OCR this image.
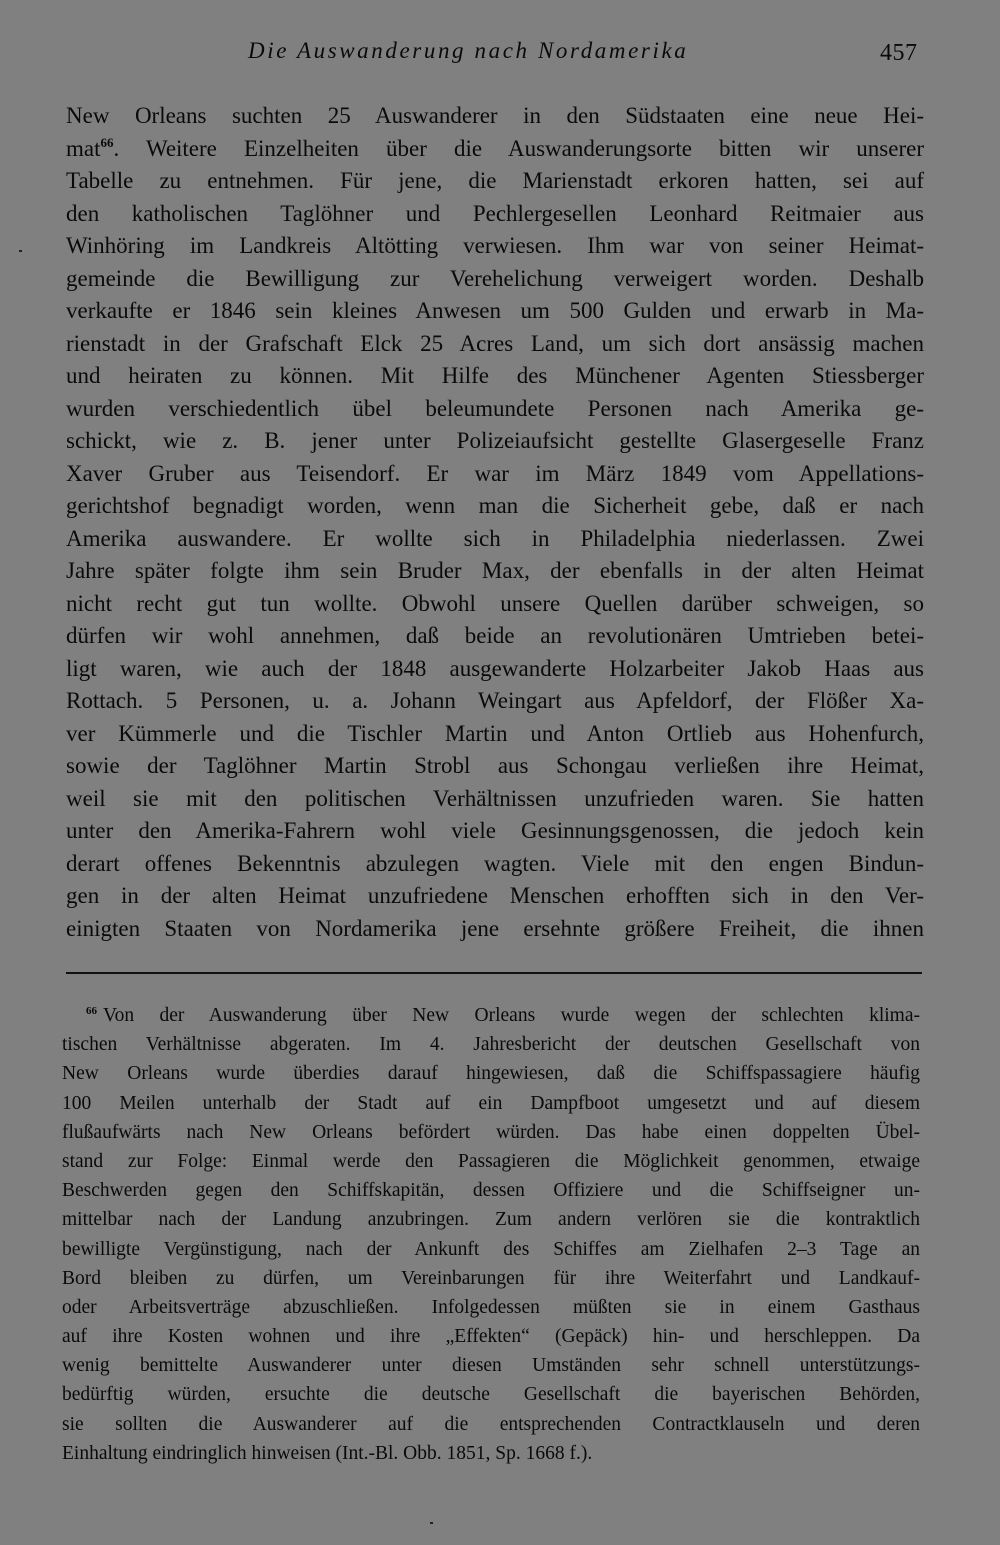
Die Auswanderung nach Nordamerika	457
New Orleans suchten 25 Auswanderer in den Südstaaten eine neue Hei-
mat$^{66}$. Weitere Einzelheiten über die Auswanderungsorte bitten wir unserer
Tabelle zu entnehmen. Für jene, die Marienstadt erkoren hatten, sei auf
den katholischen Taglöhner und Pechlergesellen Leonhard Reitmaier aus
Winhöring im Landkreis Altötting verwiesen. Ihm war von seiner Heimat-
gemeinde die Bewilligung zur Verehelichung verweigert worden. Deshalb
verkaufte er 1846 sein kleines Anwesen um 500 Gulden und erwarb in Ma-
rienstadt in der Grafschaft Elck 25 Acres Land, um sich dort ansässig machen
und heiraten zu können. Mit Hilfe des Münchener Agenten Stiessberger
wurden verschiedentlich übel beleumundete Personen nach Amerika ge-
schickt, wie z. B. jener unter Polizeiaufsicht gestellte Glasergeselle Franz
Xaver Gruber aus Teisendorf. Er war im März 1849 vom Appellations-
gerichtshof begnadigt worden, wenn man die Sicherheit gebe, daß er nach
Amerika auswandere. Er wollte sich in Philadelphia niederlassen. Zwei
Jahre später folgte ihm sein Bruder Max, der ebenfalls in der alten Heimat
nicht recht gut tun wollte. Obwohl unsere Quellen darüber schweigen, so
dürfen wir wohl annehmen, daß beide an revolutionären Umtrieben betei-
ligt waren, wie auch der 1848 ausgewanderte Holzarbeiter Jakob Haas aus
Rottach. 5 Personen, u. a. Johann Weingart aus Apfeldorf, der Flößer Xa-
ver Kümmerle und die Tischler Martin und Anton Ortlieb aus Hohenfurch,
sowie der Taglöhner Martin Strobl aus Schongau verließen ihre Heimat,
weil sie mit den politischen Verhältnissen unzufrieden waren. Sie hatten
unter den Amerika-Fahrern wohl viele Gesinnungsgenossen, die jedoch kein
derart offenes Bekenntnis abzulegen wagten. Viele mit den engen Bindun-
gen in der alten Heimat unzufriedene Menschen erhofften sich in den Ver-
einigten Staaten von Nordamerika jene ersehnte größere Freiheit, die ihnen
$^{66}$ Von der Auswanderung über New Orleans wurde wegen der schlechten klima-
tischen Verhältnisse abgeraten. Im 4. Jahresbericht der deutschen Gesellschaft von
New Orleans wurde überdies darauf hingewiesen, daß die Schiffspassagiere häufig
100 Meilen unterhalb der Stadt auf ein Dampfboot umgesetzt und auf diesem
flußaufwärts nach New Orleans befördert würden. Das habe einen doppelten Übel-
stand zur Folge: Einmal werde den Passagieren die Möglichkeit genommen, etwaige
Beschwerden gegen den Schiffskapitän, dessen Offiziere und die Schiffseigner un-
mittelbar nach der Landung anzubringen. Zum andern verlören sie die kontraktlich
bewilligte Vergünstigung, nach der Ankunft des Schiffes am Zielhafen 2–3 Tage an
Bord bleiben zu dürfen, um Vereinbarungen für ihre Weiterfahrt und Landkauf-
oder Arbeitsverträge abzuschließen. Infolgedessen müßten sie in einem Gasthaus
auf ihre Kosten wohnen und ihre „Effekten“ (Gepäck) hin- und herschleppen. Da
wenig bemittelte Auswanderer unter diesen Umständen sehr schnell unterstützungs-
bedürftig würden, ersuchte die deutsche Gesellschaft die bayerischen Behörden,
sie sollten die Auswanderer auf die entsprechenden Contractklauseln und deren
Einhaltung eindringlich hinweisen (Int.-Bl. Obb. 1851, Sp. 1668 f.).
